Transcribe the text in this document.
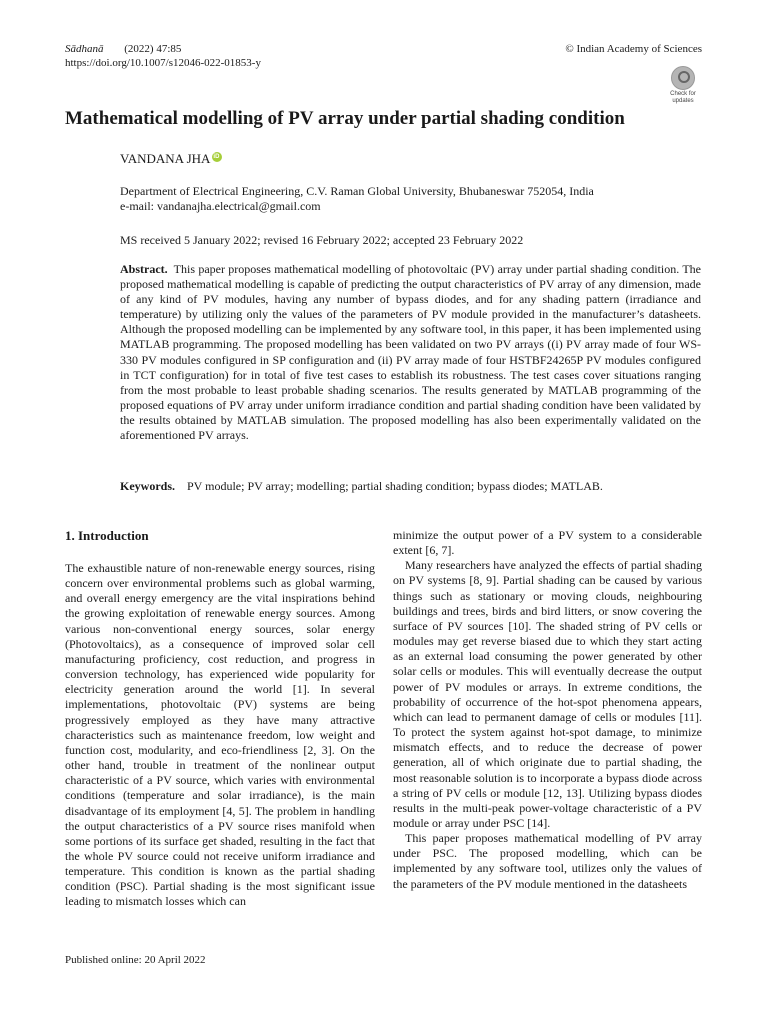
Sādhanā (2022) 47:85
https://doi.org/10.1007/s12046-022-01853-y
© Indian Academy of Sciences
Check for
updates
Mathematical modelling of PV array under partial shading condition
VANDANA JHAiD
Department of Electrical Engineering, C.V. Raman Global University, Bhubaneswar 752054, India
e-mail: vandanajha.electrical@gmail.com
MS received 5 January 2022; revised 16 February 2022; accepted 23 February 2022
Abstract. This paper proposes mathematical modelling of photovoltaic (PV) array under partial shading condition. The proposed mathematical modelling is capable of predicting the output characteristics of PV array of any dimension, made of any kind of PV modules, having any number of bypass diodes, and for any shading pattern (irradiance and temperature) by utilizing only the values of the parameters of PV module provided in the manufacturer’s datasheets. Although the proposed modelling can be implemented by any software tool, in this paper, it has been implemented using MATLAB programming. The proposed modelling has been validated on two PV arrays ((i) PV array made of four WS-330 PV modules configured in SP configuration and (ii) PV array made of four HSTBF24265P PV modules configured in TCT configuration) for in total of five test cases to establish its robustness. The test cases cover situations ranging from the most probable to least probable shading scenarios. The results generated by MATLAB programming of the proposed equations of PV array under uniform irradiance condition and partial shading condition have been validated by the results obtained by MATLAB simulation. The proposed modelling has also been experimentally validated on the aforementioned PV arrays.
Keywords. PV module; PV array; modelling; partial shading condition; bypass diodes; MATLAB.
1. Introduction

The exhaustible nature of non-renewable energy sources, rising concern over environmental problems such as global warming, and overall energy emergency are the vital inspirations behind the growing exploitation of renewable energy sources. Among various non-conventional energy sources, solar energy (Photovoltaics), as a consequence of improved solar cell manufacturing proficiency, cost reduction, and progress in conversion technology, has experienced wide popularity for electricity generation around the world [1]. In several implementations, photovoltaic (PV) systems are being progressively employed as they have many attractive characteristics such as maintenance freedom, low weight and function cost, modularity, and eco-friendliness [2, 3]. On the other hand, trouble in treatment of the nonlinear output characteristic of a PV source, which varies with environmental conditions (temperature and solar irradiance), is the main disadvantage of its employment [4, 5]. The problem in handling the output characteristics of a PV source rises manifold when some portions of its surface get shaded, resulting in the fact that the whole PV source could not receive uniform irradiance and temperature. This condition is known as the partial shading condition (PSC). Partial shading is the most significant issue leading to mismatch losses which can

minimize the output power of a PV system to a considerable extent [6, 7].

Many researchers have analyzed the effects of partial shading on PV systems [8, 9]. Partial shading can be caused by various things such as stationary or moving clouds, neighbouring buildings and trees, birds and bird litters, or snow covering the surface of PV sources [10]. The shaded string of PV cells or modules may get reverse biased due to which they start acting as an external load consuming the power generated by other solar cells or modules. This will eventually decrease the output power of PV modules or arrays. In extreme conditions, the probability of occurrence of the hot-spot phenomena appears, which can lead to permanent damage of cells or modules [11]. To protect the system against hot-spot damage, to minimize mismatch effects, and to reduce the decrease of power generation, all of which originate due to partial shading, the most reasonable solution is to incorporate a bypass diode across a string of PV cells or module [12, 13]. Utilizing bypass diodes results in the multi-peak power-voltage characteristic of a PV module or array under PSC [14].

This paper proposes mathematical modelling of PV array under PSC. The proposed modelling, which can be implemented by any software tool, utilizes only the values of the parameters of the PV module mentioned in the datasheets

Published online: 20 April 2022
